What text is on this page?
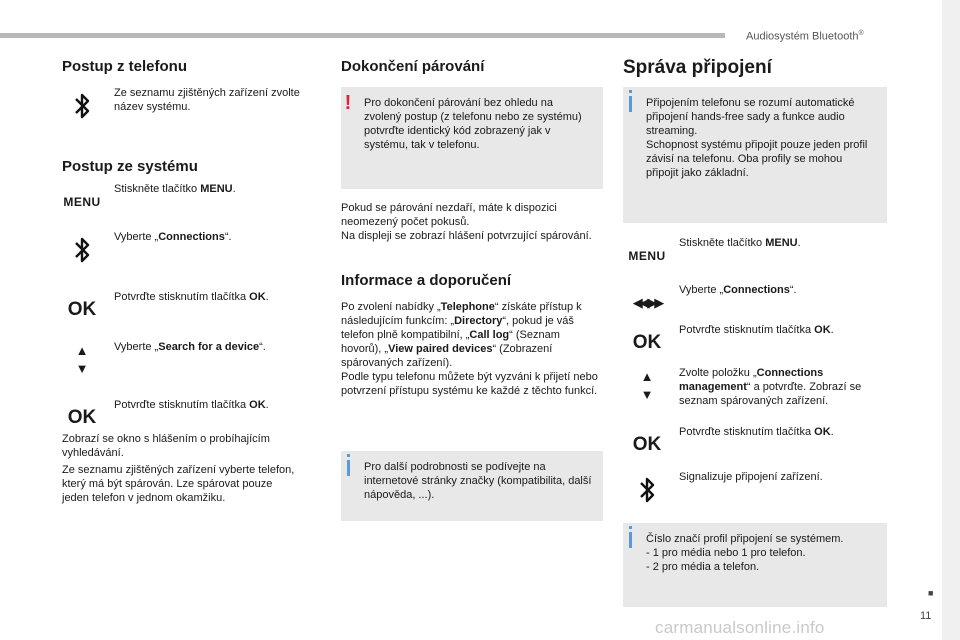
Audiosystém Bluetooth®
■
11
carmanualsonline.info
Postup z telefonu
Ze seznamu zjištěných zařízení zvolte název systému.
Postup ze systému
MENU
Stiskněte tlačítko MENU.
Vyberte „Connections“.
OK
Potvrďte stisknutím tlačítka OK.
▲
▼
Vyberte „Search for a device“.
OK
Potvrďte stisknutím tlačítka OK.
Zobrazí se okno s hlášením o probíhajícím vyhledávání.
Ze seznamu zjištěných zařízení vyberte telefon, který má být spárován. Lze spárovat pouze jeden telefon v jednom okamžiku.
Dokončení párování
!	Pro dokončení párování bez ohledu na zvolený postup (z telefonu nebo ze systému) potvrďte identický kód zobrazený jak v systému, tak v telefonu.
Pokud se párování nezdaří, máte k dispozici neomezený počet pokusů.
Na displeji se zobrazí hlášení potvrzující spárování.
Informace a doporučení
Po zvolení nabídky „Telephone“ získáte přístup k následujícím funkcím: „Directory“, pokud je váš telefon plně kompatibilní, „Call log“ (Seznam hovorů), „View paired devices“ (Zobrazení spárovaných zařízení).
Podle typu telefonu můžete být vyzváni k přijetí nebo potvrzení přístupu systému ke každé z těchto funkcí.
Pro další podrobnosti se podívejte na internetové stránky značky (kompatibilita, další nápověda, ...).
Správa připojení
Připojením telefonu se rozumí automatické připojení hands-free sady a funkce audio streaming.
Schopnost systému připojit pouze jeden profil závisí na telefonu. Oba profily se mohou připojit jako základní.
MENU
Stiskněte tlačítko MENU.
◀◀ ▶▶
Vyberte „Connections“.
OK
Potvrďte stisknutím tlačítka OK.
▲
▼
Zvolte položku „Connections management“ a potvrďte. Zobrazí se seznam spárovaných zařízení.
OK
Potvrďte stisknutím tlačítka OK.
Signalizuje připojení zařízení.
Číslo značí profil připojení se systémem.
- 1 pro média nebo 1 pro telefon.
- 2 pro média a telefon.
